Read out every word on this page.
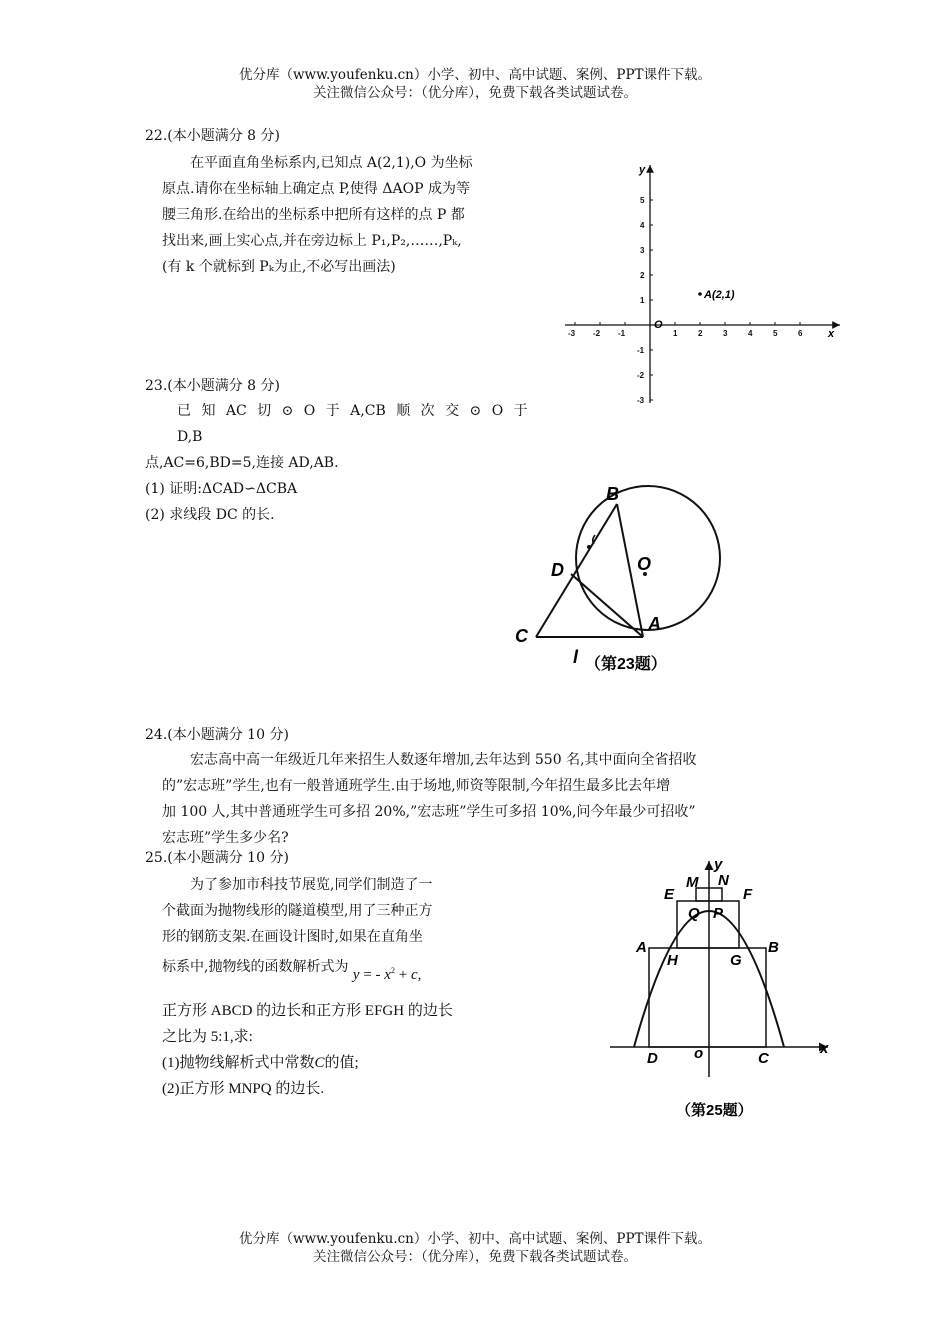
优分库（www.youfenku.cn）小学、初中、高中试题、案例、PPT课件下载。
关注微信公众号：（优分库），免费下载各类试题试卷。
22.(本小题满分 8 分)
在平面直角坐标系内,已知点 A(2,1),O 为坐标
原点.请你在坐标轴上确定点 P,使得 ΔAOP 成为等
腰三角形.在给出的坐标系中把所有这样的点 P 都
找出来,画上实心点,并在旁边标上 P₁,P₂,……,Pₖ,
(有 k 个就标到 Pₖ为止,不必写出画法)
-3 -2 -1	1	2	3	4	5	6
5
4
3
2
1
-1
-2
-3
O
x
y
A(2,1)
23.(本小题满分 8 分)
已 知 AC 切 ⊙ O 于 A,CB 顺 次 交 ⊙ O 于 D,B
点,AC=6,BD=5,连接 AD,AB.
(1) 证明:ΔCAD∽ΔCBA
(2) 求线段 DC 的长.
B
D	O
A
C
l （第23题）
24.(本小题满分 10 分)
宏志高中高一年级近几年来招生人数逐年增加,去年达到 550 名,其中面向全省招收
的”宏志班”学生,也有一般普通班学生.由于场地,师资等限制,今年招生最多比去年增
加 100 人,其中普通班学生可多招 20%,”宏志班”学生可多招 10%,问今年最少可招收”
宏志班”学生多少名?
25.(本小题满分 10 分)
为了参加市科技节展览,同学们制造了一
个截面为抛物线形的隧道模型,用了三种正方
形的钢筋支架.在画设计图时,如果在直角坐
标系中,抛物线的函数解析式为 y = - $x^2 + c$,
正方形 ABCD 的边长和正方形 EFGH 的边长
之比为 5:1,求:
(1)抛物线解析式中常数C的值;
(2)正方形 MNPQ 的边长.
y
x
M N
E	F
Q P
A	B
H	G
D o	C
（第25题）
优分库（www.youfenku.cn）小学、初中、高中试题、案例、PPT课件下载。
关注微信公众号：（优分库），免费下载各类试题试卷。
